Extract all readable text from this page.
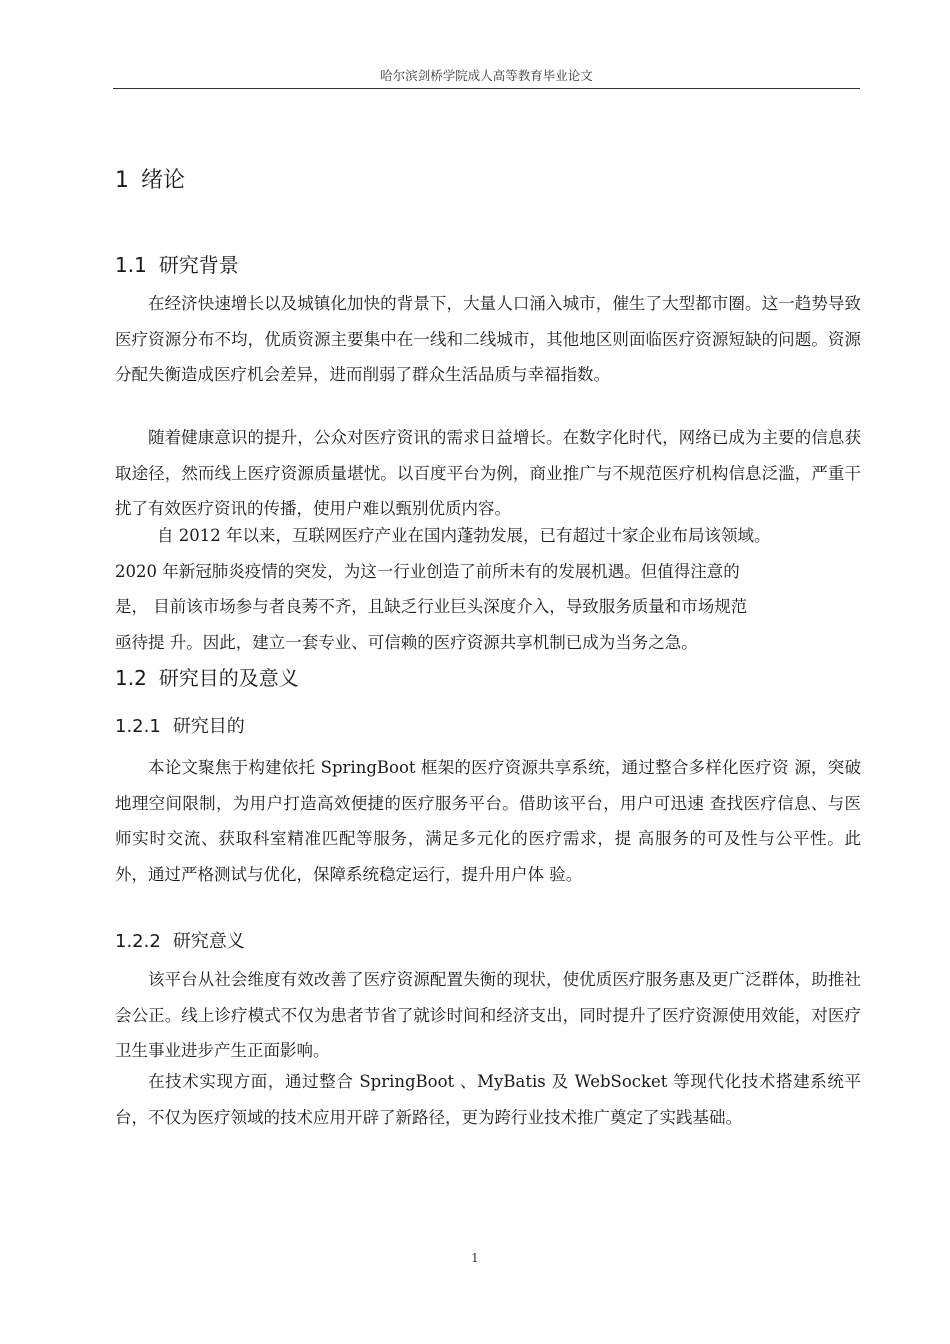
哈尔滨剑桥学院成人高等教育毕业论文
1 绪论
1.1 研究背景

在经济快速增长以及城镇化加快的背景下，大量人口涌入城市，催生了大型都市圈。这一趋势导致医疗资源分布不均，优质资源主要集中在一线和二线城市，其他地区则面临医疗资源短缺的问题。资源分配失衡造成医疗机会差异，进而削弱了群众生活品质与幸福指数。

随着健康意识的提升，公众对医疗资讯的需求日益增长。在数字化时代，网络已成为主要的信息获取途径，然而线上医疗资源质量堪忧。以百度平台为例，商业推广与不规范医疗机构信息泛滥，严重干扰了有效医疗资讯的传播，使用户难以甄别优质内容。

自 2012 年以来，互联网医疗产业在国内蓬勃发展，已有超过十家企业布局该领域。
2020 年新冠肺炎疫情的突发，为这一行业创造了前所未有的发展机遇。但值得注意的
是， 目前该市场参与者良莠不齐，且缺乏行业巨头深度介入，导致服务质量和市场规范
亟待提 升。因此，建立一套专业、可信赖的医疗资源共享机制已成为当务之急。

1.2 研究目的及意义
1.2.1 研究目的

本论文聚焦于构建依托 SpringBoot 框架的医疗资源共享系统，通过整合多样化医疗资 源，突破地理空间限制，为用户打造高效便捷的医疗服务平台。借助该平台，用户可迅速 查找医疗信息、与医师实时交流、获取科室精准匹配等服务，满足多元化的医疗需求，提 高服务的可及性与公平性。此外，通过严格测试与优化，保障系统稳定运行，提升用户体 验。

1.2.2 研究意义

该平台从社会维度有效改善了医疗资源配置失衡的现状，使优质医疗服务惠及更广泛群体，助推社会公正。线上诊疗模式不仅为患者节省了就诊时间和经济支出，同时提升了医疗资源使用效能，对医疗卫生事业进步产生正面影响。

在技术实现方面，通过整合 SpringBoot 、MyBatis 及 WebSocket 等现代化技术搭建系统平台，不仅为医疗领域的技术应用开辟了新路径，更为跨行业技术推广奠定了实践基础。

1
